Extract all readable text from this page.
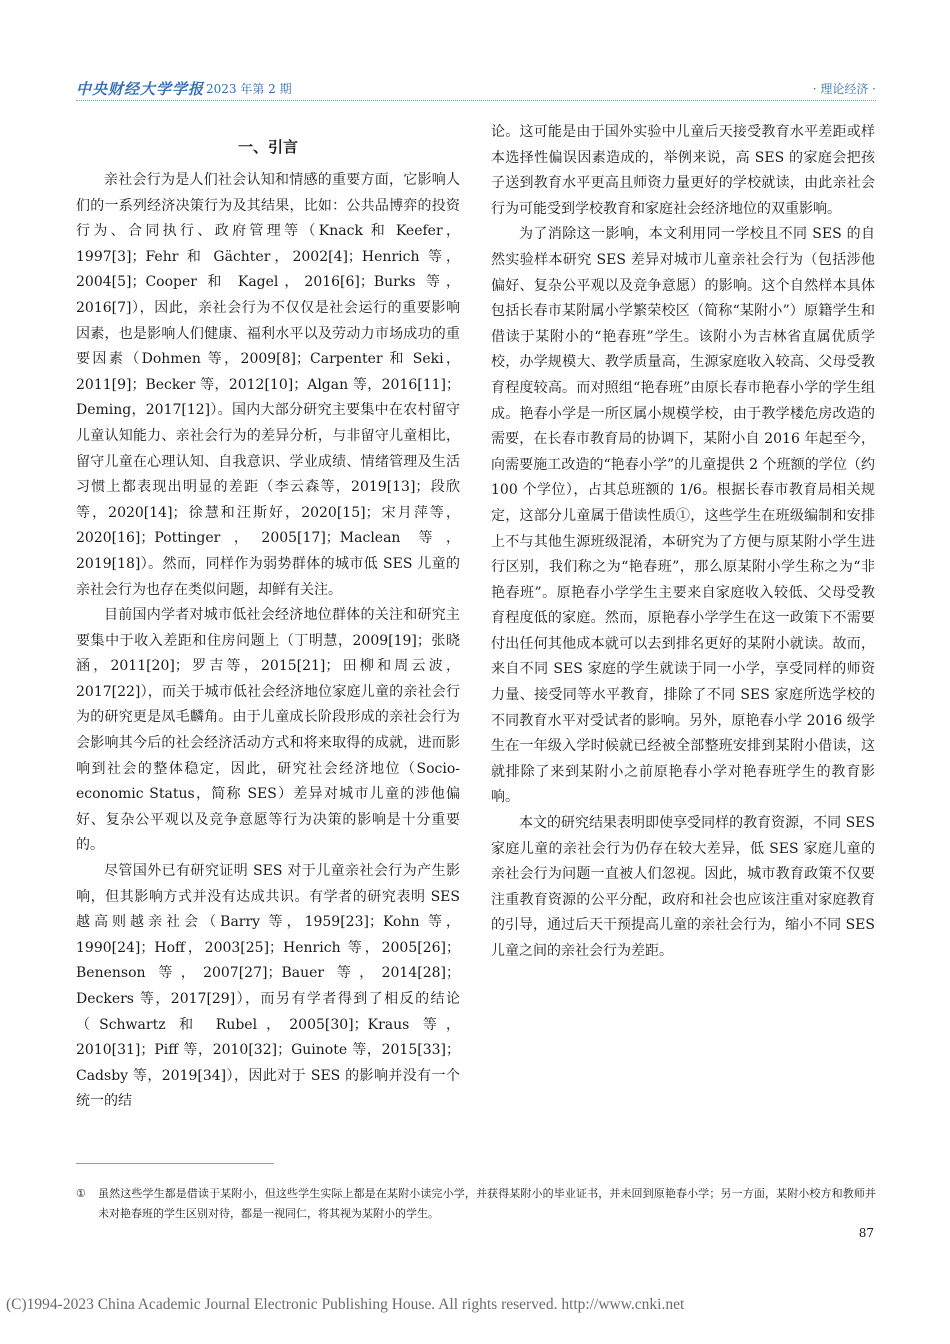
中央财经大学学报 2023 年第 2 期	· 理论经济 ·
一、引言

亲社会行为是人们社会认知和情感的重要方面，它影响人们的一系列经济决策行为及其结果，比如：公共品博弈的投资行为、合同执行、政府管理等（Knack 和 Keefer，1997[3]；Fehr 和 Gächter，2002[4]；Henrich 等，2004[5]；Cooper 和 Kagel，2016[6]；Burks 等，2016[7]），因此，亲社会行为不仅仅是社会运行的重要影响因素，也是影响人们健康、福利水平以及劳动力市场成功的重要因素（Dohmen 等，2009[8]；Carpenter 和 Seki，2011[9]；Becker 等，2012[10]；Algan 等，2016[11]；Deming，2017[12]）。国内大部分研究主要集中在农村留守儿童认知能力、亲社会行为的差异分析，与非留守儿童相比，留守儿童在心理认知、自我意识、学业成绩、情绪管理及生活习惯上都表现出明显的差距（李云森等，2019[13]；段欣等，2020[14]；徐慧和汪斯好，2020[15]；宋月萍等，2020[16]；Pottinger，2005[17]；Maclean 等，2019[18]）。然而，同样作为弱势群体的城市低 SES 儿童的亲社会行为也存在类似问题，却鲜有关注。

目前国内学者对城市低社会经济地位群体的关注和研究主要集中于收入差距和住房问题上（丁明慧，2009[19]；张晓涵，2011[20]；罗吉等，2015[21]；田柳和周云波，2017[22]），而关于城市低社会经济地位家庭儿童的亲社会行为的研究更是凤毛麟角。由于儿童成长阶段形成的亲社会行为会影响其今后的社会经济活动方式和将来取得的成就，进而影响到社会的整体稳定，因此，研究社会经济地位（Socio-economic Status，简称 SES）差异对城市儿童的涉他偏好、复杂公平观以及竞争意愿等行为决策的影响是十分重要的。

尽管国外已有研究证明 SES 对于儿童亲社会行为产生影响，但其影响方式并没有达成共识。有学者的研究表明 SES 越高则越亲社会（Barry 等，1959[23]；Kohn 等，1990[24]；Hoff，2003[25]；Henrich 等，2005[26]；Benenson 等，2007[27]；Bauer 等，2014[28]；Deckers 等，2017[29]），而另有学者得到了相反的结论（Schwartz 和 Rubel，2005[30]；Kraus 等，2010[31]；Piff 等，2010[32]；Guinote 等，2015[33]；Cadsby 等，2019[34]），因此对于 SES 的影响并没有一个统一的结

论。这可能是由于国外实验中儿童后天接受教育水平差距或样本选择性偏误因素造成的，举例来说，高 SES 的家庭会把孩子送到教育水平更高且师资力量更好的学校就读，由此亲社会行为可能受到学校教育和家庭社会经济地位的双重影响。

为了消除这一影响，本文利用同一学校且不同 SES 的自然实验样本研究 SES 差异对城市儿童亲社会行为（包括涉他偏好、复杂公平观以及竞争意愿）的影响。这个自然样本具体包括长春市某附属小学繁荣校区（简称“某附小”）原籍学生和借读于某附小的“艳春班”学生。该附小为吉林省直属优质学校，办学规模大、教学质量高，生源家庭收入较高、父母受教育程度较高。而对照组“艳春班”由原长春市艳春小学的学生组成。艳春小学是一所区属小规模学校，由于教学楼危房改造的需要，在长春市教育局的协调下，某附小自 2016 年起至今，向需要施工改造的“艳春小学”的儿童提供 2 个班额的学位（约 100 个学位），占其总班额的 1/6。根据长春市教育局相关规定，这部分儿童属于借读性质①，这些学生在班级编制和安排上不与其他生源班级混淆，本研究为了方便与原某附小学生进行区别，我们称之为“艳春班”，那么原某附小学生称之为“非艳春班”。原艳春小学学生主要来自家庭收入较低、父母受教育程度低的家庭。然而，原艳春小学学生在这一政策下不需要付出任何其他成本就可以去到排名更好的某附小就读。故而，来自不同 SES 家庭的学生就读于同一小学，享受同样的师资力量、接受同等水平教育，排除了不同 SES 家庭所选学校的不同教育水平对受试者的影响。另外，原艳春小学 2016 级学生在一年级入学时候就已经被全部整班安排到某附小借读，这就排除了来到某附小之前原艳春小学对艳春班学生的教育影响。

本文的研究结果表明即使享受同样的教育资源，不同 SES 家庭儿童的亲社会行为仍存在较大差异，低 SES 家庭儿童的亲社会行为问题一直被人们忽视。因此，城市教育政策不仅要注重教育资源的公平分配，政府和社会也应该注重对家庭教育的引导，通过后天干预提高儿童的亲社会行为，缩小不同 SES 儿童之间的亲社会行为差距。

① 虽然这些学生都是借读于某附小，但这些学生实际上都是在某附小读完小学，并获得某附小的毕业证书，并未回到原艳春小学；另一方面，某附小校方和教师并未对艳春班的学生区别对待，都是一视同仁，将其视为某附小的学生。
87
(C)1994-2023 China Academic Journal Electronic Publishing House. All rights reserved. http://www.cnki.net
